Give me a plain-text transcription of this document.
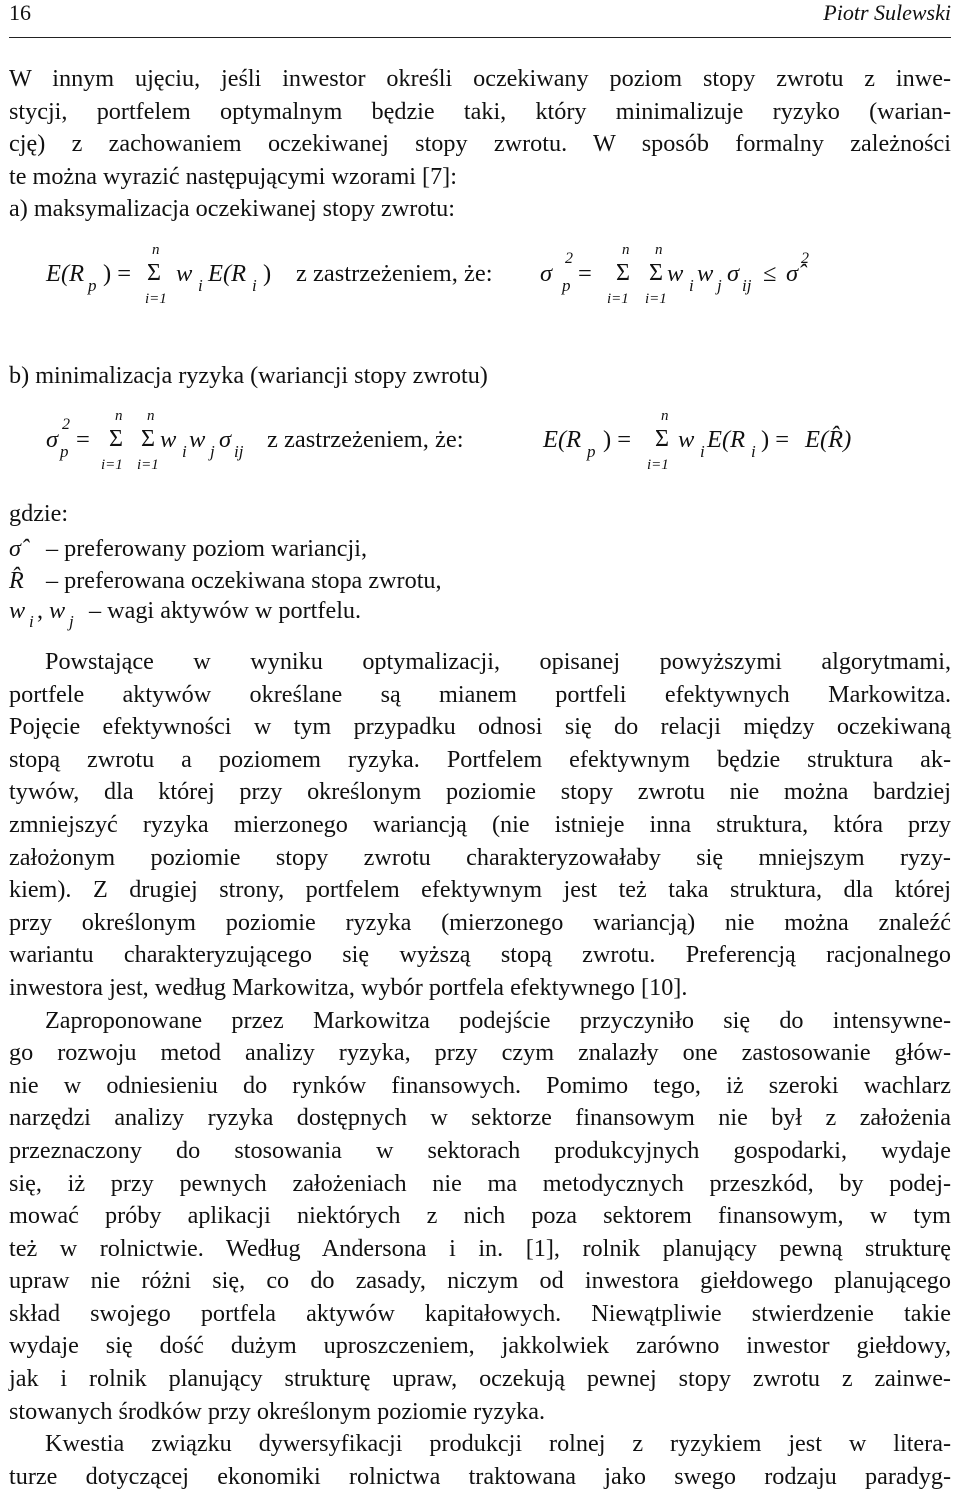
16	Piotr Sulewski

W innym ujęciu, jeśli inwestor określi oczekiwany poziom stopy zwrotu z inwe-

stycji, portfelem optymalnym będzie taki, który minimalizuje ryzyko (warian-

cję) z zachowaniem oczekiwanej stopy zwrotu. W sposób formalny zależności

te można wyrazić następującymi wzorami [7]:

a) maksymalizacja oczekiwanej stopy zwrotu:

E(R p ) =
n
Σ
i=1
w i E(R i ) z zastrzeżeniem, że: σ
2
p =
n
Σ
i=1
n
Σ
i=1
w i w j σ ij ≤ σ̂
2

b) minimalizacja ryzyka (wariancji stopy zwrotu)

σ
2
p =
n
Σ
i=1
n
Σ
i=1
w i w j σ ij z zastrzeżeniem, że:	E(R p ) =
n
Σ
i=1
w i E(R i ) = E(R̂)
gdzie:
σ̂ – preferowany poziom wariancji,
R̂ – preferowana oczekiwana stopa zwrotu,
w i , w j – wagi aktywów w portfelu.

Powstające w wyniku optymalizacji, opisanej powyższymi algorytmami,

portfele aktywów określane są mianem portfeli efektywnych Markowitza.

Pojęcie efektywności w tym przypadku odnosi się do relacji między oczekiwaną

stopą zwrotu a poziomem ryzyka. Portfelem efektywnym będzie struktura ak-

tywów, dla której przy określonym poziomie stopy zwrotu nie można bardziej

zmniejszyć ryzyka mierzonego wariancją (nie istnieje inna struktura, która przy

założonym poziomie stopy zwrotu charakteryzowałaby się mniejszym ryzy-

kiem). Z drugiej strony, portfelem efektywnym jest też taka struktura, dla której

przy określonym poziomie ryzyka (mierzonego wariancją) nie można znaleźć

wariantu charakteryzującego się wyższą stopą zwrotu. Preferencją racjonalnego

inwestora jest, według Markowitza, wybór portfela efektywnego [10].

Zaproponowane przez Markowitza podejście przyczyniło się do intensywne-

go rozwoju metod analizy ryzyka, przy czym znalazły one zastosowanie głów-

nie w odniesieniu do rynków finansowych. Pomimo tego, iż szeroki wachlarz

narzędzi analizy ryzyka dostępnych w sektorze finansowym nie był z założenia

przeznaczony do stosowania w sektorach produkcyjnych gospodarki, wydaje

się, iż przy pewnych założeniach nie ma metodycznych przeszkód, by podej-

mować próby aplikacji niektórych z nich poza sektorem finansowym, w tym

też w rolnictwie. Według Andersona i in. [1], rolnik planujący pewną strukturę

upraw nie różni się, co do zasady, niczym od inwestora giełdowego planującego

skład swojego portfela aktywów kapitałowych. Niewątpliwie stwierdzenie takie

wydaje się dość dużym uproszczeniem, jakkolwiek zarówno inwestor giełdowy,

jak i rolnik planujący strukturę upraw, oczekują pewnej stopy zwrotu z zainwe-

stowanych środków przy określonym poziomie ryzyka.

Kwestia związku dywersyfikacji produkcji rolnej z ryzykiem jest w litera-

turze dotyczącej ekonomiki rolnictwa traktowana jako swego rodzaju paradyg-
